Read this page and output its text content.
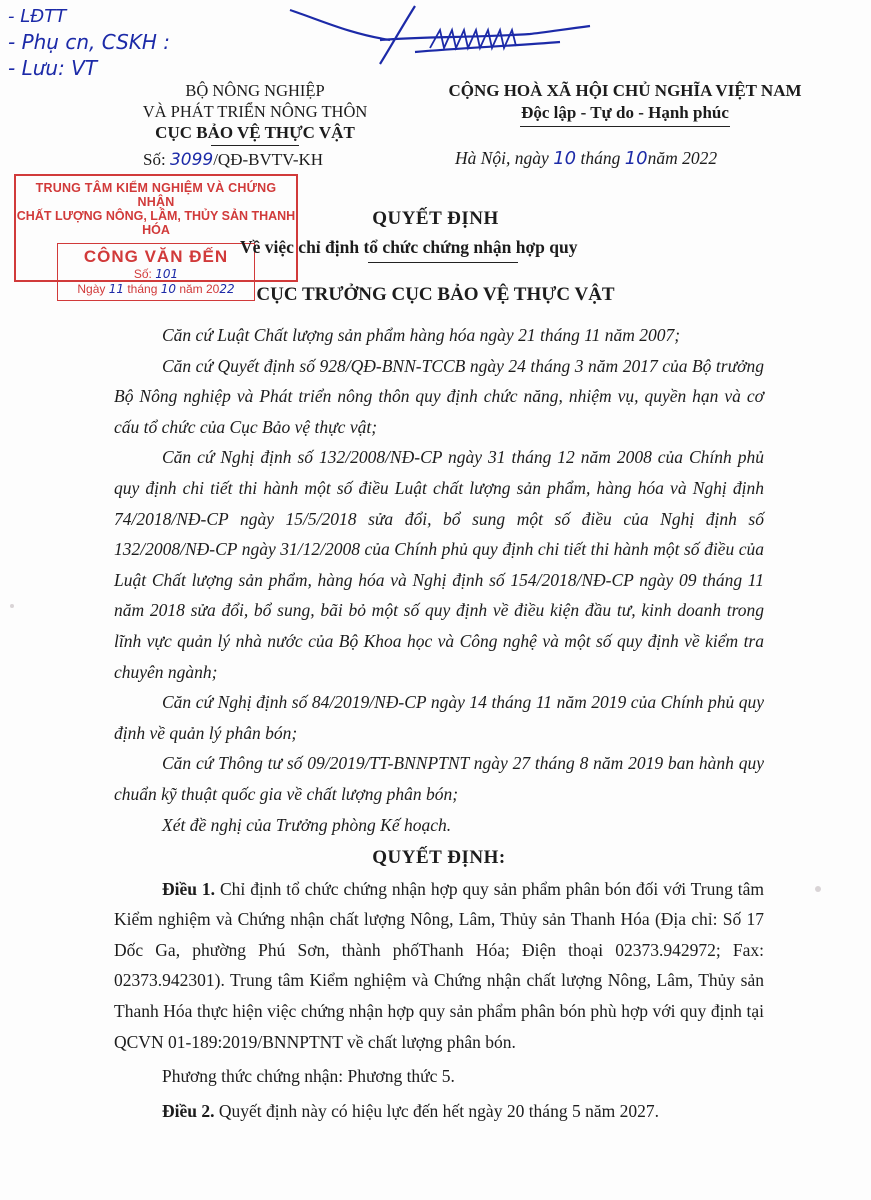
- LĐTT
- Phụ cn, CSKH :
- Lưu: VT
BỘ NÔNG NGHIỆP
VÀ PHÁT TRIỂN NÔNG THÔN
CỤC BẢO VỆ THỰC VẬT
CỘNG HOÀ XÃ HỘI CHỦ NGHĨA VIỆT NAM
Độc lập - Tự do - Hạnh phúc
Số: 3099/QĐ-BVTV-KH	Hà Nội, ngày 10 tháng 10năm 2022
TRUNG TÂM KIỂM NGHIỆM VÀ CHỨNG NHẬN
CHẤT LƯỢNG NÔNG, LÂM, THỦY SẢN THANH HÓA
CÔNG VĂN ĐẾN
Số: 101
Ngày 11 tháng 10 năm 2022
QUYẾT ĐỊNH
Về việc chỉ định tổ chức chứng nhận hợp quy
CỤC TRƯỞNG CỤC BẢO VỆ THỰC VẬT

Căn cứ Luật Chất lượng sản phẩm hàng hóa ngày 21 tháng 11 năm 2007;

Căn cứ Quyết định số 928/QĐ-BNN-TCCB ngày 24 tháng 3 năm 2017 của Bộ trưởng Bộ Nông nghiệp và Phát triển nông thôn quy định chức năng, nhiệm vụ, quyền hạn và cơ cấu tổ chức của Cục Bảo vệ thực vật;

Căn cứ Nghị định số 132/2008/NĐ-CP ngày 31 tháng 12 năm 2008 của Chính phủ quy định chi tiết thi hành một số điều Luật chất lượng sản phẩm, hàng hóa và Nghị định 74/2018/NĐ-CP ngày 15/5/2018 sửa đổi, bổ sung một số điều của Nghị định số 132/2008/NĐ-CP ngày 31/12/2008 của Chính phủ quy định chi tiết thi hành một số điều của Luật Chất lượng sản phẩm, hàng hóa và Nghị định số 154/2018/NĐ-CP ngày 09 tháng 11 năm 2018 sửa đổi, bổ sung, bãi bỏ một số quy định về điều kiện đầu tư, kinh doanh trong lĩnh vực quản lý nhà nước của Bộ Khoa học và Công nghệ và một số quy định về kiểm tra chuyên ngành;

Căn cứ Nghị định số 84/2019/NĐ-CP ngày 14 tháng 11 năm 2019 của Chính phủ quy định về quản lý phân bón;

Căn cứ Thông tư số 09/2019/TT-BNNPTNT ngày 27 tháng 8 năm 2019 ban hành quy chuẩn kỹ thuật quốc gia về chất lượng phân bón;

Xét đề nghị của Trưởng phòng Kế hoạch.

QUYẾT ĐỊNH:

Điều 1. Chỉ định tổ chức chứng nhận hợp quy sản phẩm phân bón đối với Trung tâm Kiểm nghiệm và Chứng nhận chất lượng Nông, Lâm, Thủy sản Thanh Hóa (Địa chỉ: Số 17 Dốc Ga, phường Phú Sơn, thành phốThanh Hóa; Điện thoại 02373.942972; Fax: 02373.942301). Trung tâm Kiểm nghiệm và Chứng nhận chất lượng Nông, Lâm, Thủy sản Thanh Hóa thực hiện việc chứng nhận hợp quy sản phẩm phân bón phù hợp với quy định tại QCVN 01-189:2019/BNNPTNT về chất lượng phân bón.

Phương thức chứng nhận: Phương thức 5.

Điều 2. Quyết định này có hiệu lực đến hết ngày 20 tháng 5 năm 2027.
